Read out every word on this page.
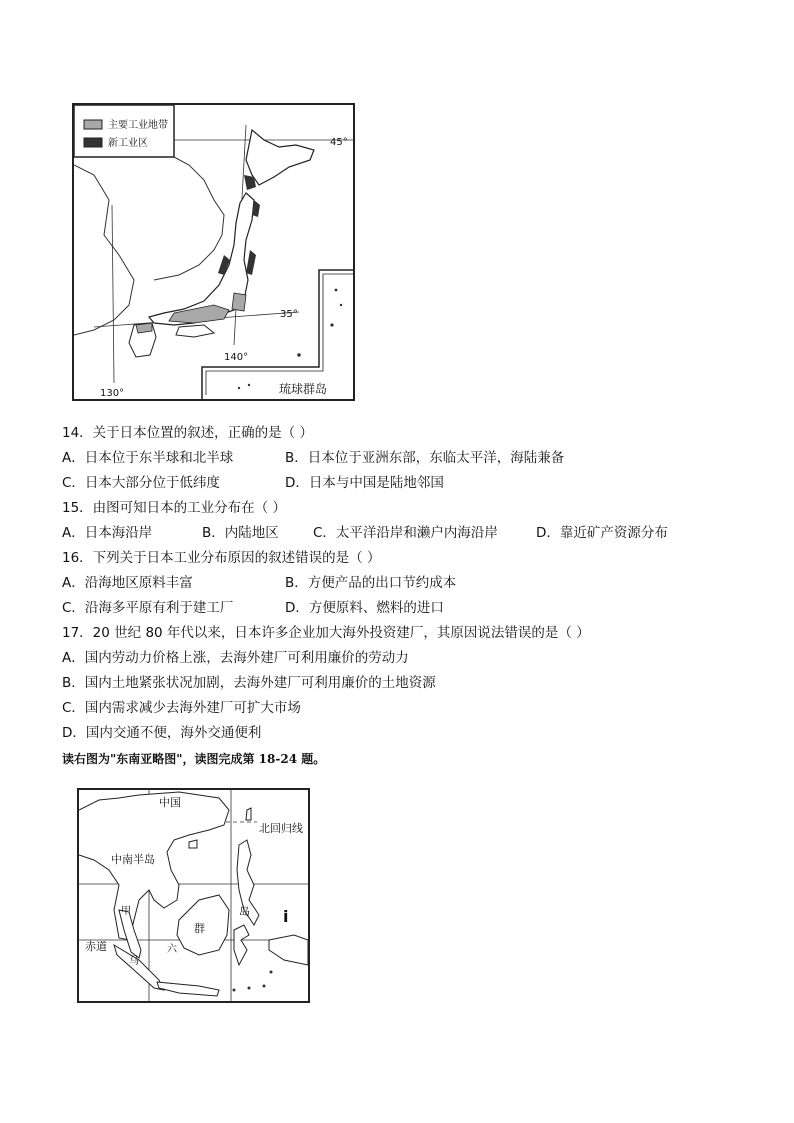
主要工业地带
新工业区	45°
35°
140°
130°	琉球群岛
14．关于日本位置的叙述，正确的是（ ）
A．日本位于东半球和北半球	B．日本位于亚洲东部，东临太平洋，海陆兼备
C．日本大部分位于低纬度	D．日本与中国是陆地邻国
15．由图可知日本的工业分布在（ ）
A．日本海沿岸	B．内陆地区	C．太平洋沿岸和濑户内海沿岸	D．靠近矿产资源分布
16．下列关于日本工业分布原因的叙述错误的是（ ）
A．沿海地区原料丰富	B．方便产品的出口节约成本
C．沿海多平原有利于建工厂	D．方便原料、燃料的进口
17．20 世纪 80 年代以来，日本许多企业加大海外投资建厂，其原因说法错误的是（ ）
A．国内劳动力价格上涨，去海外建厂可利用廉价的劳动力
B．国内土地紧张状况加剧，去海外建厂可利用廉价的土地资源
C．国内需求减少去海外建厂可扩大市场
D．国内交通不便，海外交通便利
读右图为"东南亚略图"，读图完成第 18-24 题。
中国
北回归线
中南半岛
甲
赤道
马
六
群
岛 i
